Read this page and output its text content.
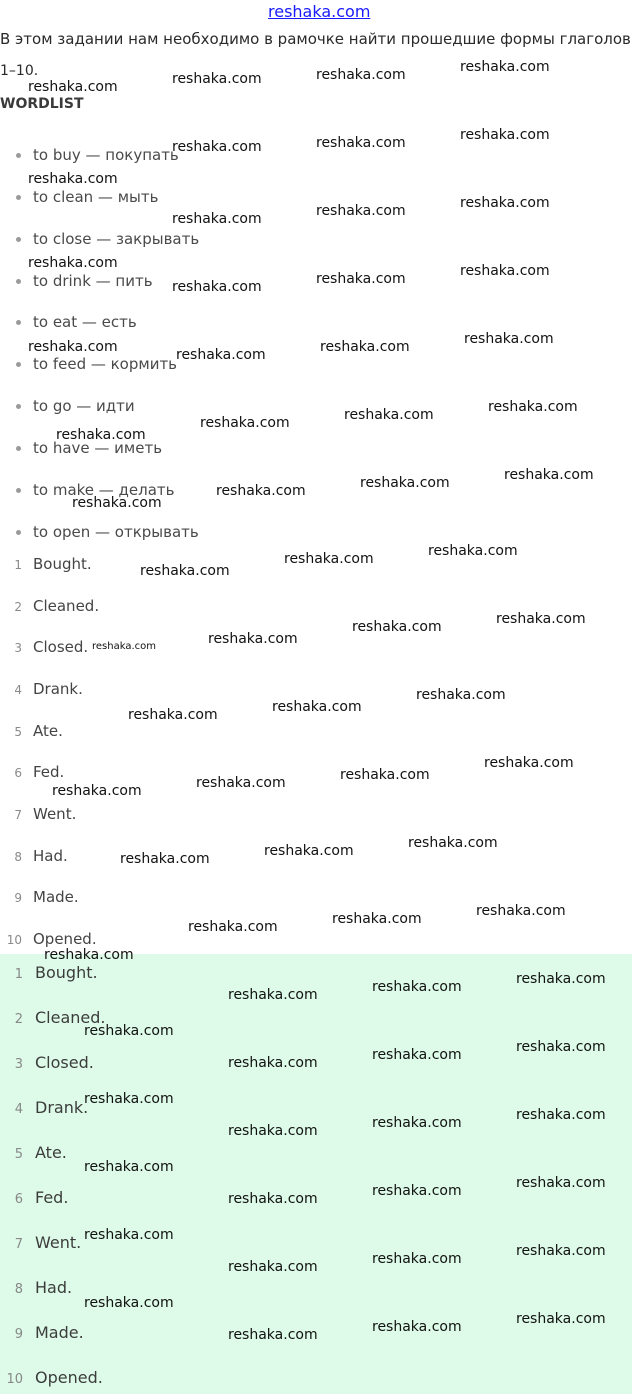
reshaka.com
В этом задании нам необходимо в рамочке найти прошедшие формы глаголов
1–10.
WORDLIST
to buy — покупать
to clean — мыть
to close — закрывать
to drink — пить
to eat — есть
to feed — кормить
to go — идти
to have — иметь
to make — делать
to open — открывать
1 Bought.
2 Cleaned.
3 Closed.
4 Drank.
5 Ate.
6 Fed.
7 Went.
8 Had.
9 Made.
10 Opened.
1 Bought.
2 Cleaned.
3 Closed.
4 Drank.
5 Ate.
6 Fed.
7 Went.
8 Had.
9 Made.
10 Opened.
reshaka.com	reshaka.com	reshaka.com	reshaka.com
reshaka.com	reshaka.com	reshaka.com
reshaka.com
reshaka.com	reshaka.com	reshaka.com
reshaka.com
reshaka.com	reshaka.com	reshaka.com
reshaka.com	reshaka.com	reshaka.com	reshaka.com
reshaka.com	reshaka.com	reshaka.com
reshaka.com
reshaka.com	reshaka.com	reshaka.com
reshaka.com
reshaka.com
reshaka.com	reshaka.com
reshaka.com	reshaka.com
reshaka.com	reshaka.com
reshaka.com
reshaka.com
reshaka.com
reshaka.com
reshaka.com
reshaka.com
reshaka.com
reshaka.com
reshaka.com
reshaka.com
reshaka.com
reshaka.com
reshaka.com
reshaka.com
reshaka.com
reshaka.com
reshaka.com
reshaka.com
reshaka.com
reshaka.com
reshaka.com
reshaka.com
reshaka.com
reshaka.com
reshaka.com
reshaka.com
reshaka.com
reshaka.com
reshaka.com
reshaka.com
reshaka.com
reshaka.com
reshaka.com
reshaka.com
reshaka.com
reshaka.com
reshaka.com
